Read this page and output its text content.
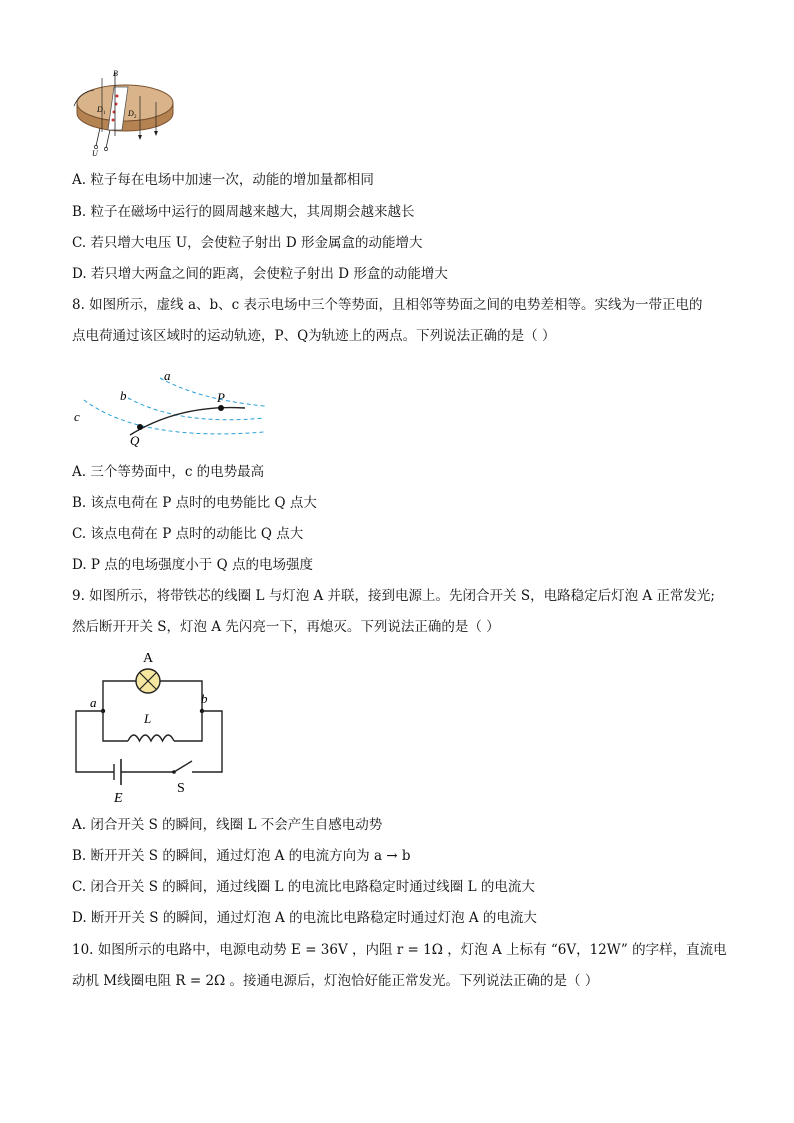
B
D 1	D 2
U
A. 粒子每在电场中加速一次，动能的增加量都相同
B. 粒子在磁场中运行的圆周越来越大，其周期会越来越长
C. 若只增大电压 U，会使粒子射出 D 形金属盒的动能增大
D. 若只增大两盒之间的距离，会使粒子射出 D 形盒的动能增大
8. 如图所示，虚线 a、b、c 表示电场中三个等势面，且相邻等势面之间的电势差相等。实线为一带正电的
点电荷通过该区域时的运动轨迹，P、Q为轨迹上的两点。下列说法正确的是（ ）
a
b
c
P
Q
A. 三个等势面中，c 的电势最高
B. 该点电荷在 P 点时的电势能比 Q 点大
C. 该点电荷在 P 点时的动能比 Q 点大
D. P 点的电场强度小于 Q 点的电场强度
9. 如图所示，将带铁芯的线圈 L 与灯泡 A 并联，接到电源上。先闭合开关 S，电路稳定后灯泡 A 正常发光;
然后断开开关 S，灯泡 A 先闪亮一下，再熄灭。下列说法正确的是（ ）
A
a	b
L
E
S
A. 闭合开关 S 的瞬间，线圈 L 不会产生自感电动势
B. 断开开关 S 的瞬间，通过灯泡 A 的电流方向为 a → b
C. 闭合开关 S 的瞬间，通过线圈 L 的电流比电路稳定时通过线圈 L 的电流大
D. 断开开关 S 的瞬间，通过灯泡 A 的电流比电路稳定时通过灯泡 A 的电流大
10. 如图所示的电路中，电源电动势 E = 36V ，内阻 r = 1Ω ，灯泡 A 上标有 “6V，12W” 的字样，直流电
动机 M线圈电阻 R = 2Ω 。接通电源后，灯泡恰好能正常发光。下列说法正确的是（ ）
